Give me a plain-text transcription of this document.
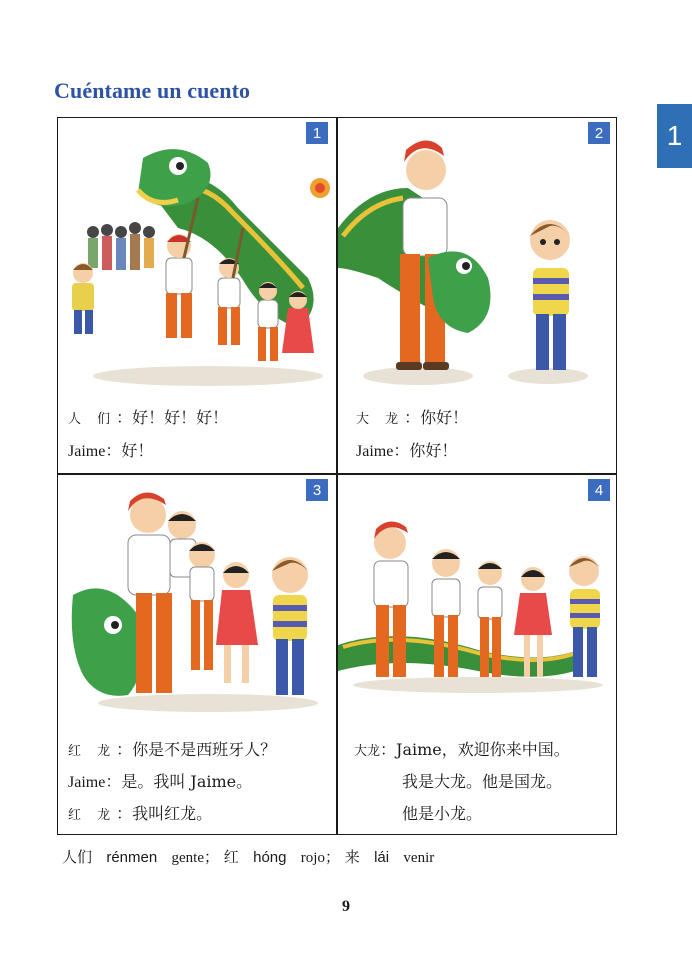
Cuéntame un cuento
1
1
人 们：好！好！好！
Jaime：好！
2
大 龙：你好！
Jaime：你好！
3
红 龙：你是不是西班牙人？
Jaime：是。我叫 Jaime。
红 龙：我叫红龙。
4
大龙：Jaime，欢迎你来中国。
我是大龙。他是国龙。
他是小龙。
人们 rénmen gente； 红 hóng rojo； 来 lái venir
9
